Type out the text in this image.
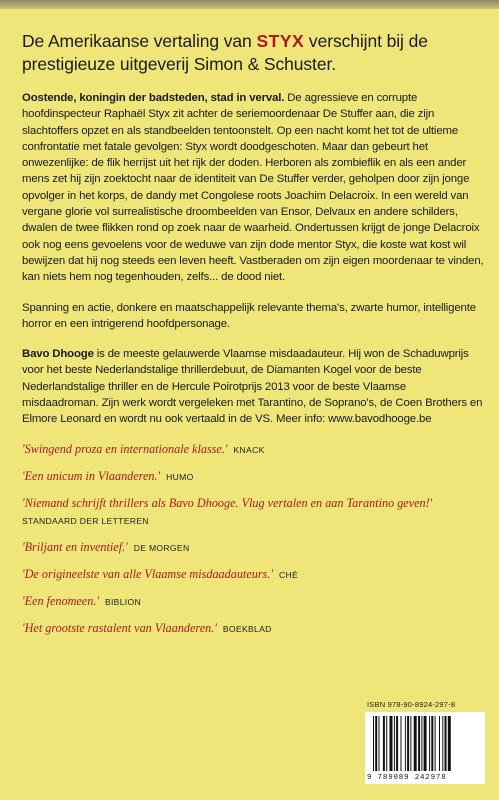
De Amerikaanse vertaling van STYX verschijnt bij de prestigieuze uitgeverij Simon & Schuster.

Oostende, koningin der badsteden, stad in verval. De agressieve en corrupte hoofdinspecteur Raphaël Styx zit achter de seriemoordenaar De Stuffer aan, die zijn slachtoffers opzet en als standbeelden tentoonstelt. Op een nacht komt het tot de ultieme confrontatie met fatale gevolgen: Styx wordt doodgeschoten. Maar dan gebeurt het onwezenlijke: de flik herrijst uit het rijk der doden. Herboren als zombieflik en als een ander mens zet hij zijn zoektocht naar de identiteit van De Stuffer verder, geholpen door zijn jonge opvolger in het korps, de dandy met Congolese roots Joachim Delacroix. In een wereld van vergane glorie vol surrealistische droombeelden van Ensor, Delvaux en andere schilders, dwalen de twee flikken rond op zoek naar de waarheid. Ondertussen krijgt de jonge Delacroix ook nog eens gevoelens voor de weduwe van zijn dode mentor Styx, die koste wat kost wil bewijzen dat hij nog steeds een leven heeft. Vastberaden om zijn eigen moordenaar te vinden, kan niets hem nog tegenhouden, zelfs... de dood niet.

Spanning en actie, donkere en maatschappelijk relevante thema's, zwarte humor, intelligente horror en een intrigerend hoofdpersonage.

Bavo Dhooge is de meeste gelauwerde Vlaamse misdaadauteur. Hij won de Schaduwprijs voor het beste Nederlandstalige thrillerdebuut, de Diamanten Kogel voor de beste Nederlandstalige thriller en de Hercule Poirotprijs 2013 voor de beste Vlaamse misdaadroman. Zijn werk wordt vergeleken met Tarantino, de Soprano's, de Coen Brothers en Elmore Leonard en wordt nu ook vertaald in de VS. Meer info: www.bavodhooge.be

'Swingend proza en internationale klasse.' KNACK

'Een unicum in Vlaanderen.' HUMO

'Niemand schrijft thrillers als Bavo Dhooge. Vlug vertalen en aan Tarantino geven!'
STANDAARD DER LETTEREN

'Briljant en inventief.' DE MORGEN

'De origineelste van alle Vlaamse misdaadauteurs.' CHÉ

'Een fenomeen.' BIBLION

'Het grootste rastalent van Vlaanderen.' BOEKBLAD

ISBN 978-90-8924-297-8
9 789089 242978
